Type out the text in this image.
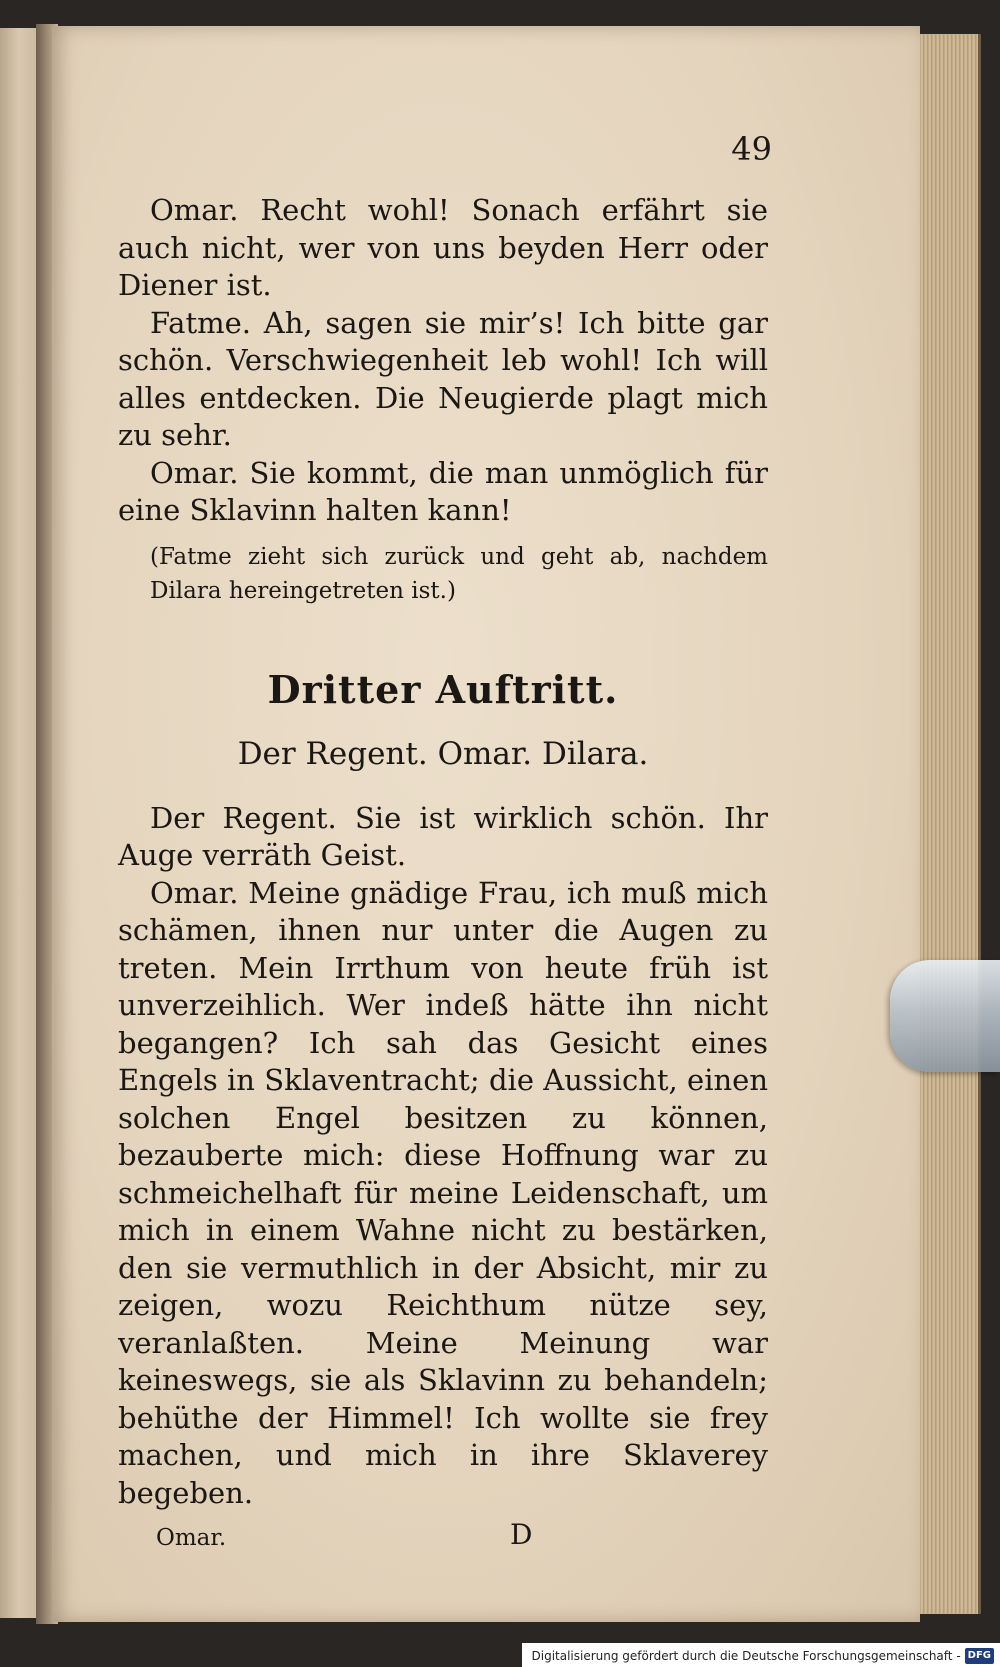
49

Omar. Recht wohl! Sonach erfährt sie auch nicht, wer von uns beyden Herr oder Diener ist.

Fatme. Ah, sagen sie mir’s! Ich bitte gar schön. Verschwiegenheit leb wohl! Ich will alles entdecken. Die Neugierde plagt mich zu sehr.

Omar. Sie kommt, die man unmöglich für eine Sklavinn halten kann!

(Fatme zieht sich zurück und geht ab, nachdem Dilara hereingetreten ist.)

Dritter Auftritt.

Der Regent. Omar. Dilara.

Der Regent. Sie ist wirklich schön. Ihr Auge verräth Geist.

Omar. Meine gnädige Frau, ich muß mich schämen, ihnen nur unter die Augen zu treten. Mein Irrthum von heute früh ist unverzeihlich. Wer indeß hätte ihn nicht begangen? Ich sah das Gesicht eines Engels in Sklaventracht; die Aussicht, einen solchen Engel besitzen zu können, bezauberte mich: diese Hoffnung war zu schmeichelhaft für meine Leidenschaft, um mich in einem Wahne nicht zu bestärken, den sie vermuthlich in der Absicht, mir zu zeigen, wozu Reichthum nütze sey, veranlaßten. Meine Meinung war keineswegs, sie als Sklavinn zu behandeln; behüthe der Himmel! Ich wollte sie frey machen, und mich in ihre Sklaverey begeben.

Omar.	D
Digitalisierung gefördert durch die Deutsche Forschungsgemeinschaft - DFG
